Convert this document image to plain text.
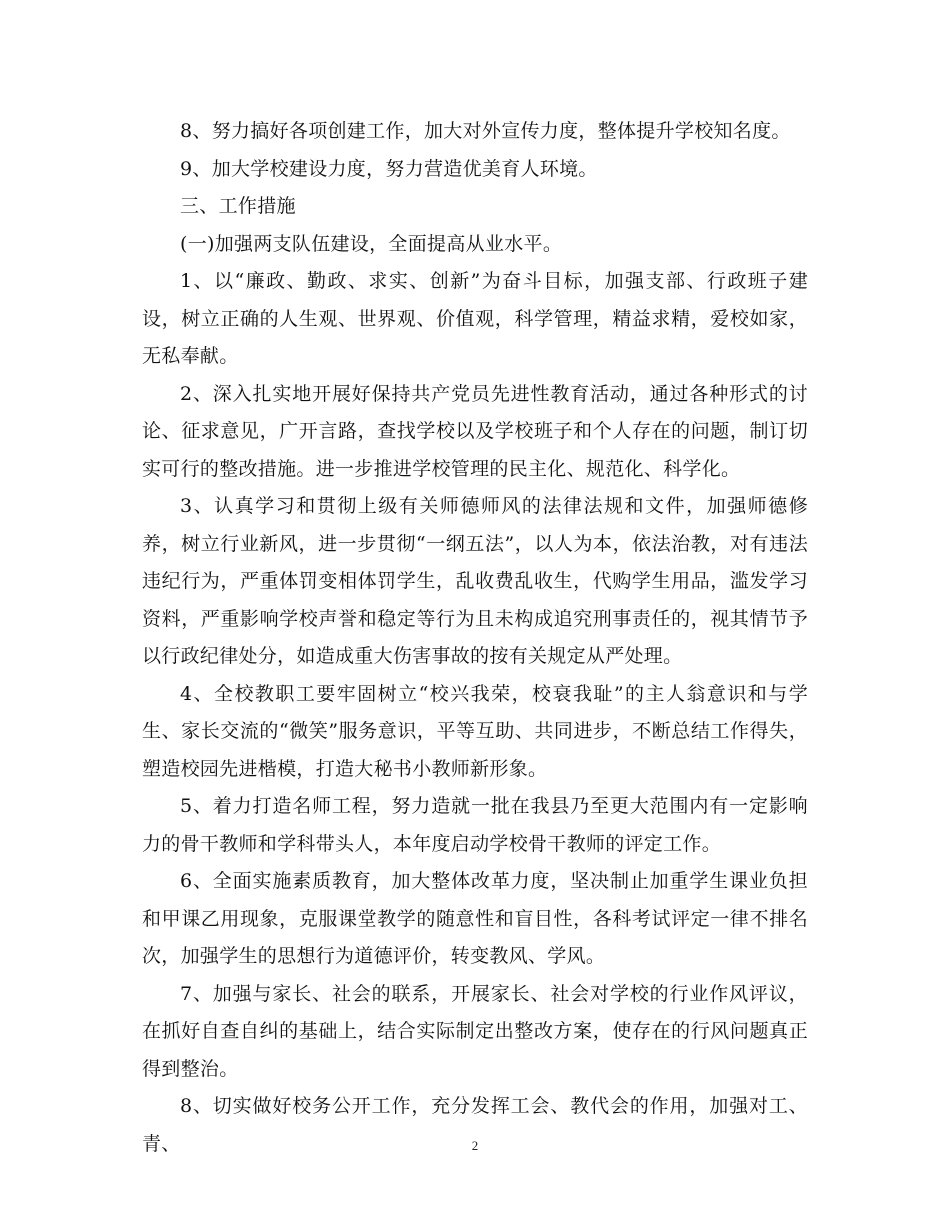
8、努力搞好各项创建工作，加大对外宣传力度，整体提升学校知名度。

9、加大学校建设力度，努力营造优美育人环境。

三、工作措施

(一)加强两支队伍建设，全面提高从业水平。

1、以“廉政、勤政、求实、创新”为奋斗目标，加强支部、行政班子建设，树立正确的人生观、世界观、价值观，科学管理，精益求精，爱校如家，无私奉献。

2、深入扎实地开展好保持共产党员先进性教育活动，通过各种形式的讨论、征求意见，广开言路，查找学校以及学校班子和个人存在的问题，制订切实可行的整改措施。进一步推进学校管理的民主化、规范化、科学化。

3、认真学习和贯彻上级有关师德师风的法律法规和文件，加强师德修养，树立行业新风，进一步贯彻“一纲五法”，以人为本，依法治教，对有违法违纪行为，严重体罚变相体罚学生，乱收费乱收生，代购学生用品，滥发学习资料，严重影响学校声誉和稳定等行为且未构成追究刑事责任的，视其情节予以行政纪律处分，如造成重大伤害事故的按有关规定从严处理。

4、全校教职工要牢固树立“校兴我荣，校衰我耻”的主人翁意识和与学生、家长交流的“微笑”服务意识，平等互助、共同进步，不断总结工作得失，塑造校园先进楷模，打造大秘书小教师新形象。

5、着力打造名师工程，努力造就一批在我县乃至更大范围内有一定影响力的骨干教师和学科带头人，本年度启动学校骨干教师的评定工作。

6、全面实施素质教育，加大整体改革力度，坚决制止加重学生课业负担和甲课乙用现象，克服课堂教学的随意性和盲目性，各科考试评定一律不排名次，加强学生的思想行为道德评价，转变教风、学风。

7、加强与家长、社会的联系，开展家长、社会对学校的行业作风评议，在抓好自查自纠的基础上，结合实际制定出整改方案，使存在的行风问题真正得到整治。

8、切实做好校务公开工作，充分发挥工会、教代会的作用，加强对工、青、	2
